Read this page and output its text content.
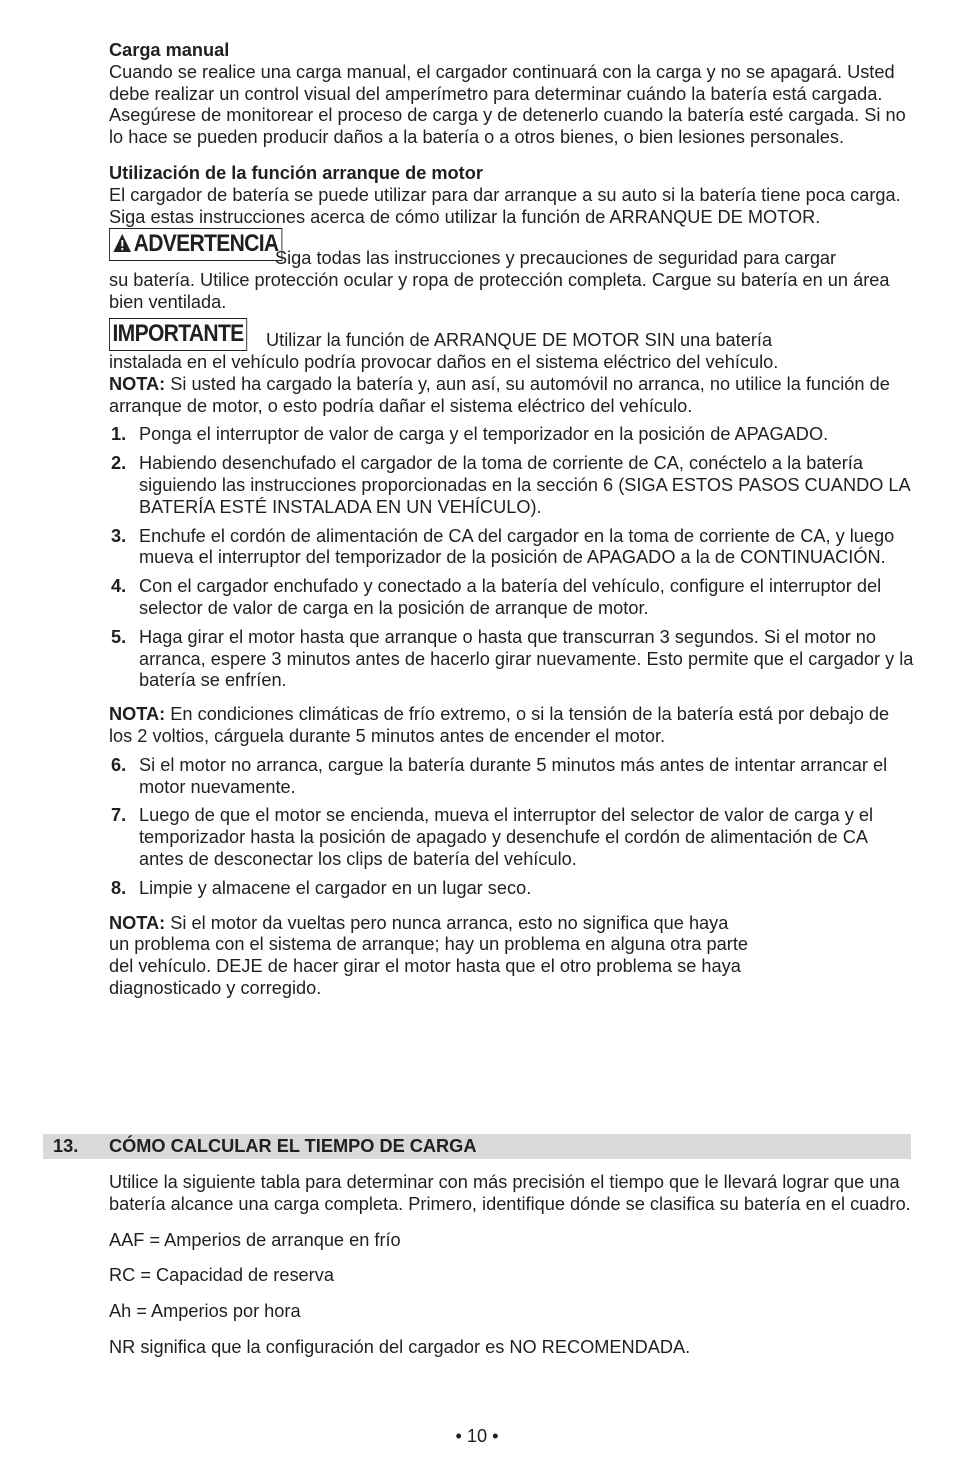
Carga manual

Cuando se realice una carga manual, el cargador continuará con la carga y no se apagará. Usted debe realizar un control visual del amperímetro para determinar cuándo la batería está cargada. Asegúrese de monitorear el proceso de carga y de detenerlo cuando la batería esté cargada. Si no lo hace se pueden producir daños a la batería o a otros bienes, o bien lesiones personales.

Utilización de la función arranque de motor

El cargador de batería se puede utilizar para dar arranque a su auto si la batería tiene poca carga. Siga estas instrucciones acerca de cómo utilizar la función de ARRANQUE DE MOTOR.

ADVERTENCIA
Siga todas las instrucciones y precauciones de seguridad para cargar

su batería. Utilice protección ocular y ropa de protección completa. Cargue su batería en un área bien ventilada.

IMPORTANTE Utilizar la función de ARRANQUE DE MOTOR SIN una batería

instalada en el vehículo podría provocar daños en el sistema eléctrico del vehículo.

NOTA: Si usted ha cargado la batería y, aun así, su automóvil no arranca, no utilice la función de arranque de motor, o esto podría dañar el sistema eléctrico del vehículo.

1. Ponga el interruptor de valor de carga y el temporizador en la posición de APAGADO.
2. Habiendo desenchufado el cargador de la toma de corriente de CA, conéctelo a la batería siguiendo las instrucciones proporcionadas en la sección 6 (SIGA ESTOS PASOS CUANDO LA BATERÍA ESTÉ INSTALADA EN UN VEHÍCULO).
3. Enchufe el cordón de alimentación de CA del cargador en la toma de corriente de CA, y luego mueva el interruptor del temporizador de la posición de APAGADO a la de CONTINUACIÓN.
4. Con el cargador enchufado y conectado a la batería del vehículo, configure el interruptor del selector de valor de carga en la posición de arranque de motor.
5. Haga girar el motor hasta que arranque o hasta que transcurran 3 segundos. Si el motor no arranca, espere 3 minutos antes de hacerlo girar nuevamente. Esto permite que el cargador y la batería se enfríen.

NOTA: En condiciones climáticas de frío extremo, o si la tensión de la batería está por debajo de los 2 voltios, cárguela durante 5 minutos antes de encender el motor.

6. Si el motor no arranca, cargue la batería durante 5 minutos más antes de intentar arrancar el motor nuevamente.
7. Luego de que el motor se encienda, mueva el interruptor del selector de valor de carga y el temporizador hasta la posición de apagado y desenchufe el cordón de alimentación de CA antes de desconectar los clips de batería del vehículo.
8. Limpie y almacene el cargador en un lugar seco.

NOTA: Si el motor da vueltas pero nunca arranca, esto no significa que haya
un problema con el sistema de arranque; hay un problema en alguna otra parte
del vehículo. DEJE de hacer girar el motor hasta que el otro problema se haya
diagnosticado y corregido.

13. CÓMO CALCULAR EL TIEMPO DE CARGA

Utilice la siguiente tabla para determinar con más precisión el tiempo que le llevará lograr que una batería alcance una carga completa. Primero, identifique dónde se clasifica su batería en el cuadro.

AAF = Amperios de arranque en frío

RC = Capacidad de reserva

Ah = Amperios por hora

NR significa que la configuración del cargador es NO RECOMENDADA.

• 10 •
